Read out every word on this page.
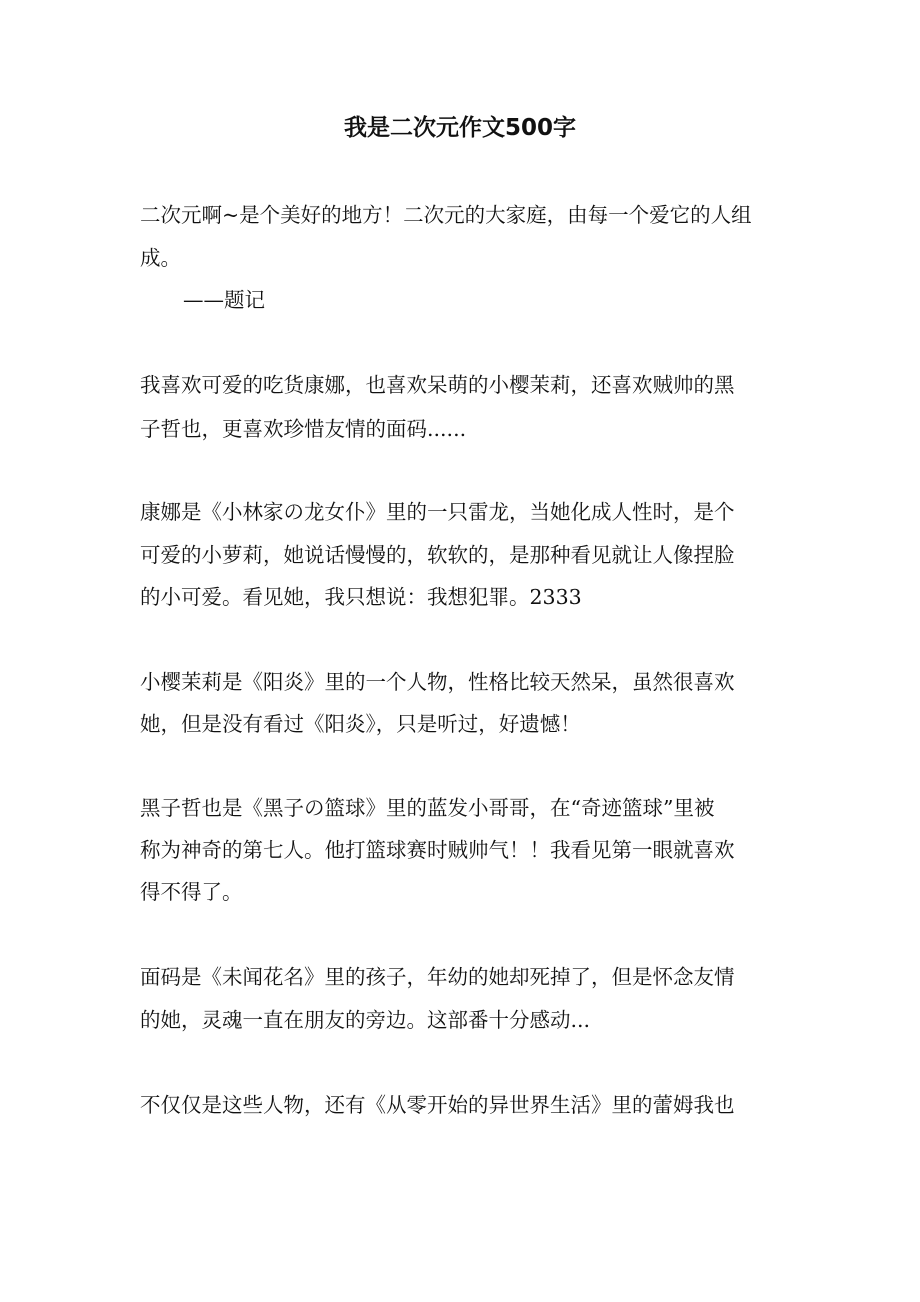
我是二次元作文500字
二次元啊~是个美好的地方！二次元的大家庭，由每一个爱它的人组
成。
——题记
我喜欢可爱的吃货康娜，也喜欢呆萌的小樱茉莉，还喜欢贼帅的黑
子哲也，更喜欢珍惜友情的面码......
康娜是《小林家の龙女仆》里的一只雷龙，当她化成人性时，是个
可爱的小萝莉，她说话慢慢的，软软的，是那种看见就让人像捏脸
的小可爱。看见她，我只想说：我想犯罪。2333
小樱茉莉是《阳炎》里的一个人物，性格比较天然呆，虽然很喜欢
她，但是没有看过《阳炎》，只是听过，好遗憾！
黑子哲也是《黑子の篮球》里的蓝发小哥哥，在“奇迹篮球”里被
称为神奇的第七人。他打篮球赛时贼帅气！！我看见第一眼就喜欢
得不得了。
面码是《未闻花名》里的孩子，年幼的她却死掉了，但是怀念友情
的她，灵魂一直在朋友的旁边。这部番十分感动...
不仅仅是这些人物，还有《从零开始的异世界生活》里的蕾姆我也
